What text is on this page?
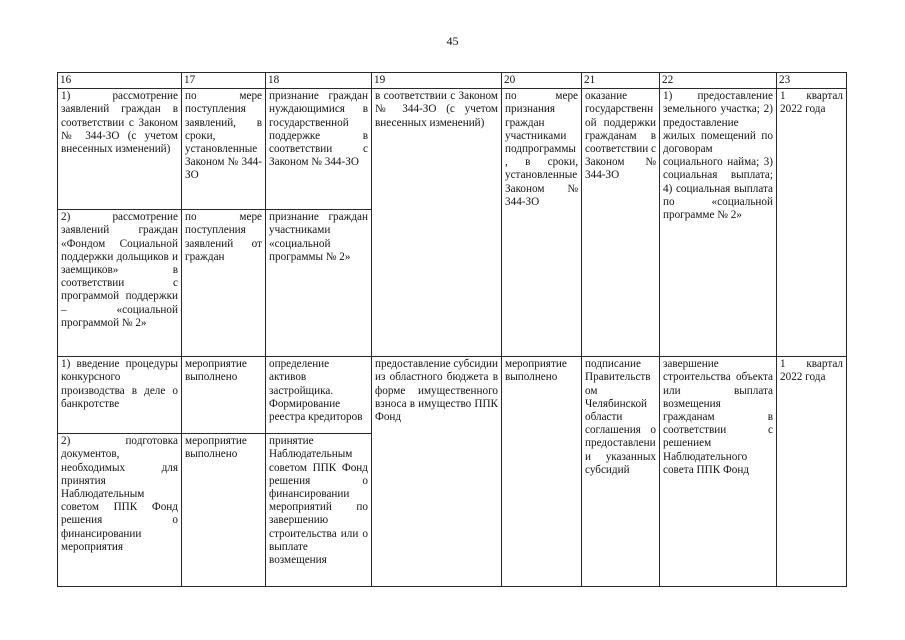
45
16	17	18	19	20	21	22	23
1) рассмотрение заявлений граждан в соответствии с Законом № 344-ЗО (с учетом внесенных изменений)	по мере поступления заявлений, в сроки, установленные Законом № 344-ЗО	признание граждан нуждающимися в государственной поддержке в соответствии с Законом № 344-ЗО	в соответствии с Законом № 344-ЗО (с учетом внесенных изменений)	по мере признания граждан участниками подпрограммы, в сроки, установленные Законом № 344-ЗО	оказание государственной поддержки гражданам в соответствии с Законом № 344-ЗО	1) предоставление земельного участка; 2) предоставление жилых помещений по договорам социального найма; 3) социальная выплата; 4) социальная выплата по «социальной программе № 2»	1 квартал 2022 года
2) рассмотрение заявлений граждан «Фондом Социальной поддержки дольщиков и заемщиков» в соответствии с программой поддержки – «социальной программой № 2»	по мере поступления заявлений от граждан	признание граждан участниками «социальной программы № 2»					
1) введение процедуры конкурсного производства в деле о банкротстве	мероприятие выполнено	определение активов застройщика. Формирование реестра кредиторов	предоставление субсидии из областного бюджета в форме имущественного взноса в имущество ППК Фонд	мероприятие выполнено	подписание Правительством Челябинской области соглашения о предоставлении указанных субсидий	завершение строительства объекта или выплата возмещения гражданам в соответствии с решением Наблюдательного совета ППК Фонд	1 квартал 2022 года
2) подготовка документов, необходимых для принятия Наблюдательным советом ППК Фонд решения о финансировании мероприятия	мероприятие выполнено	принятие Наблюдательным советом ППК Фонд решения о финансировании мероприятий по завершению строительства или о выплате возмещения					
